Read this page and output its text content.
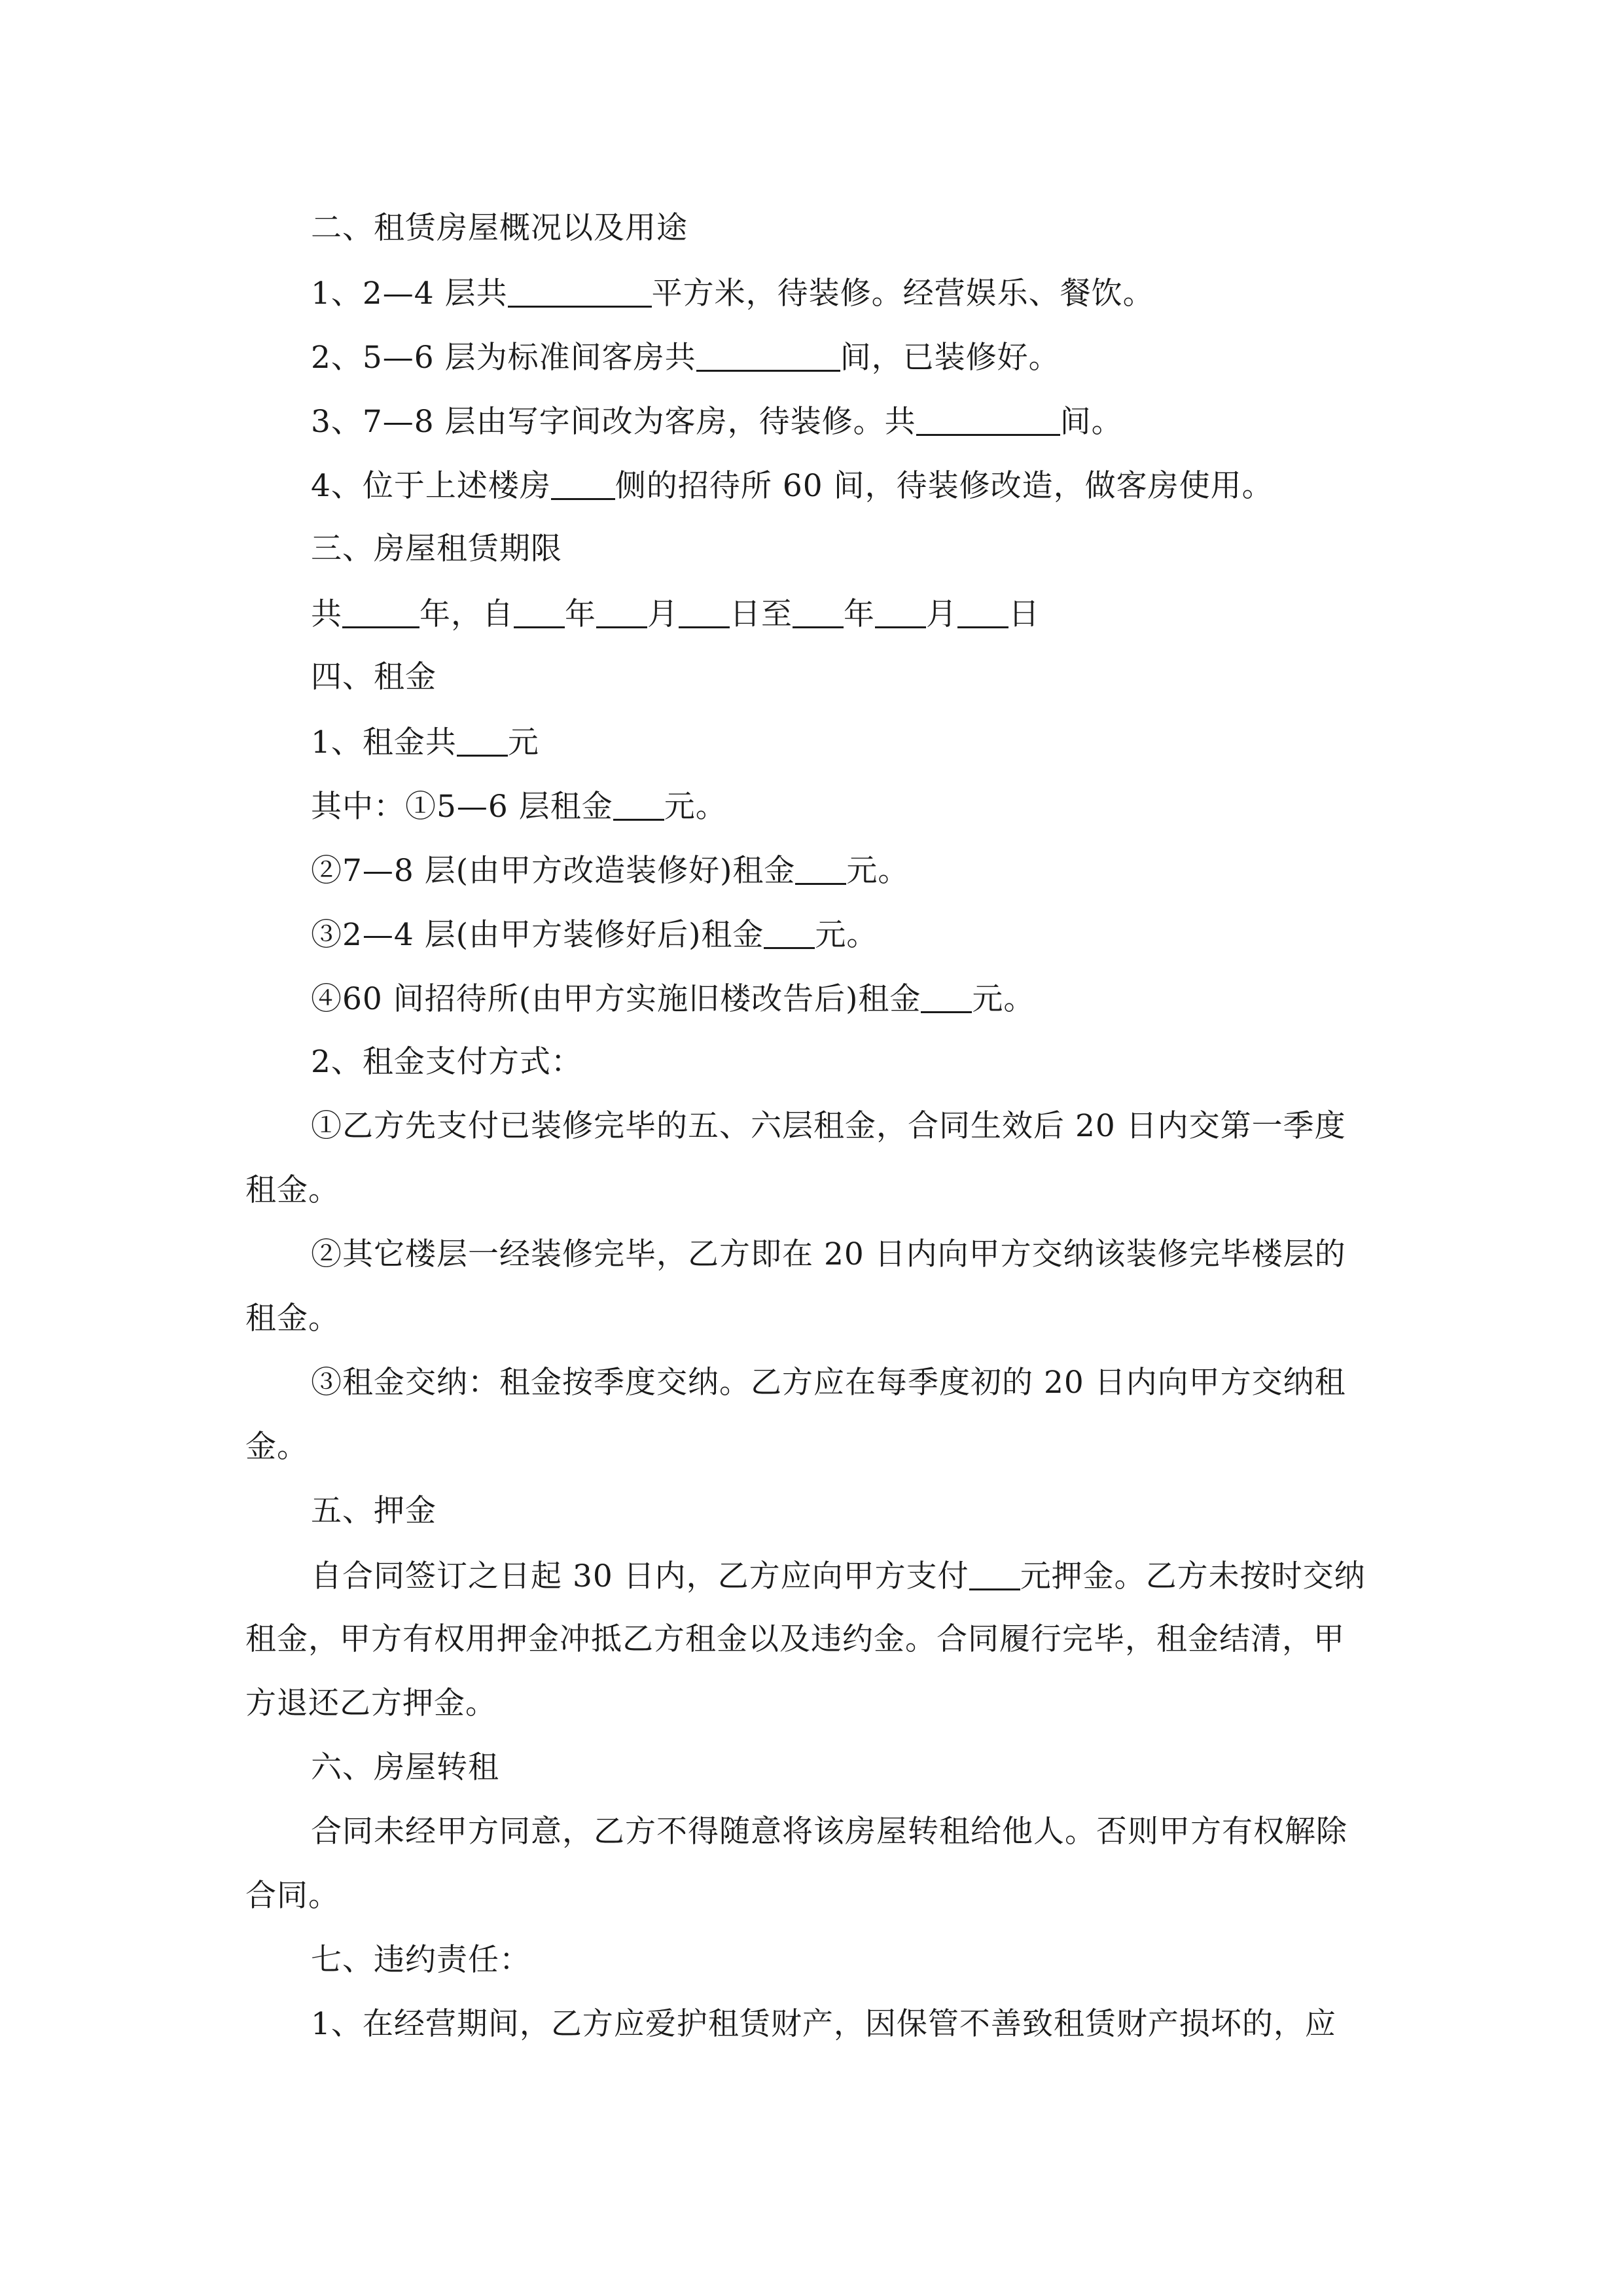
二、租赁房屋概况以及用途

1、2—4 层共	平方米，待装修。经营娱乐、餐饮。

2、5—6 层为标准间客房共	间，已装修好。

3、7—8 层由写字间改为客房，待装修。共	间。

4、位于上述楼房 侧的招待所 60 间，待装修改造，做客房使用。

三、房屋租赁期限

共	年，自 年 月 日至 年 月 日

四、租金

1、租金共 元

其中：①5—6 层租金 元。

②7—8 层(由甲方改造装修好)租金 元。

③2—4 层(由甲方装修好后)租金 元。

④60 间招待所(由甲方实施旧楼改告后)租金 元。

2、租金支付方式：

①乙方先支付已装修完毕的五、六层租金，合同生效后 20 日内交第一季度

租金。

②其它楼层一经装修完毕，乙方即在 20 日内向甲方交纳该装修完毕楼层的

租金。

③租金交纳：租金按季度交纳。乙方应在每季度初的 20 日内向甲方交纳租

金。

五、押金

自合同签订之日起 30 日内，乙方应向甲方支付 元押金。乙方未按时交纳

租金，甲方有权用押金冲抵乙方租金以及违约金。合同履行完毕，租金结清，甲

方退还乙方押金。

六、房屋转租

合同未经甲方同意，乙方不得随意将该房屋转租给他人。否则甲方有权解除

合同。

七、违约责任：

1、在经营期间，乙方应爱护租赁财产，因保管不善致租赁财产损坏的，应
